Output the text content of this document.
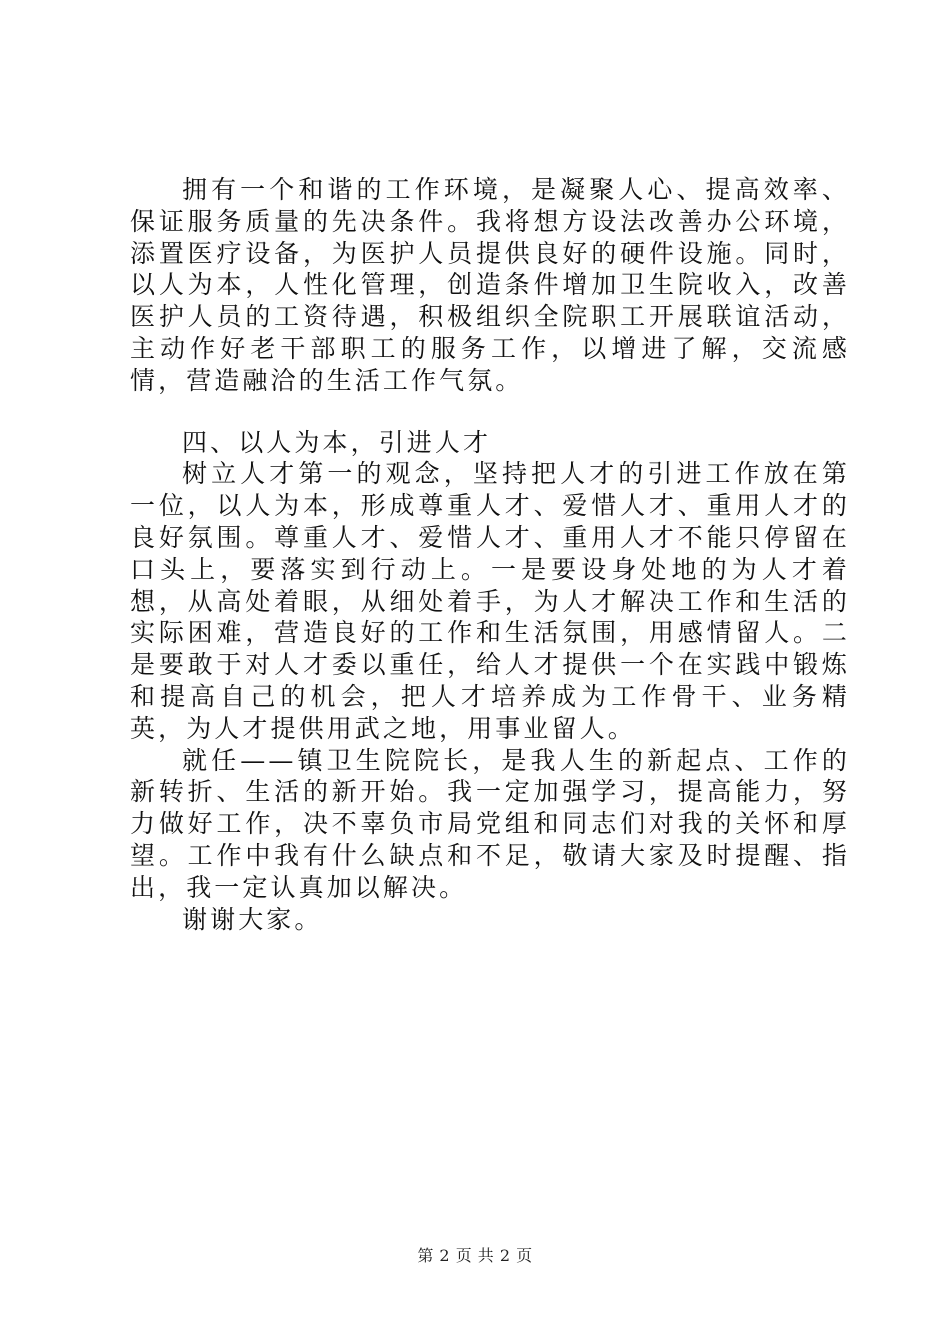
拥有一个和谐的工作环境，是凝聚人心、提高效率、保证服务质量的先决条件。我将想方设法改善办公环境，添置医疗设备，为医护人员提供良好的硬件设施。同时，以人为本，人性化管理，创造条件增加卫生院收入，改善医护人员的工资待遇，积极组织全院职工开展联谊活动，主动作好老干部职工的服务工作，以增进了解，交流感情，营造融洽的生活工作气氛。

四、以人为本，引进人才

树立人才第一的观念，坚持把人才的引进工作放在第一位，以人为本，形成尊重人才、爱惜人才、重用人才的良好氛围。尊重人才、爱惜人才、重用人才不能只停留在口头上，要落实到行动上。一是要设身处地的为人才着想，从高处着眼，从细处着手，为人才解决工作和生活的实际困难，营造良好的工作和生活氛围，用感情留人。二是要敢于对人才委以重任，给人才提供一个在实践中锻炼和提高自己的机会，把人才培养成为工作骨干、业务精英，为人才提供用武之地，用事业留人。

就任——镇卫生院院长，是我人生的新起点、工作的新转折、生活的新开始。我一定加强学习，提高能力，努力做好工作，决不辜负市局党组和同志们对我的关怀和厚望。工作中我有什么缺点和不足，敬请大家及时提醒、指出，我一定认真加以解决。

谢谢大家。

第 2 页 共 2 页
